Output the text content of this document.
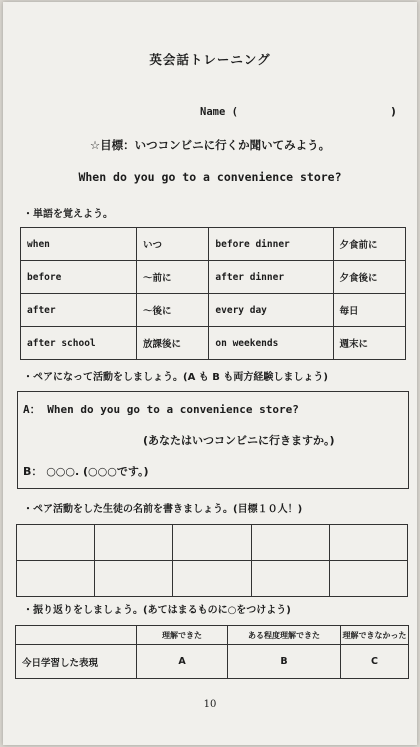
英会話トレーニング
Name (	)
☆目標：いつコンビニに行くか聞いてみよう。
When do you go to a convenience store?
・単語を覚えよう。
when	いつ	before dinner	夕食前に
before	～前に	after dinner	夕食後に
after	～後に	every day	毎日
after school	放課後に	on weekends	週末に
・ペアになって活動をしましょう。(A も B も両方経験しましょう)
A： When do you go to a convenience store?
(あなたはいつコンビニに行きますか。)
B： ○○○. (○○○です。)
・ペア活動をした生徒の名前を書きましょう。(目標１０人！)

・振り返りをしましょう。(あてはまるものに○をつけよう)
	理解できた	ある程度理解できた	理解できなかった
今日学習した表現	A	B	C
10
